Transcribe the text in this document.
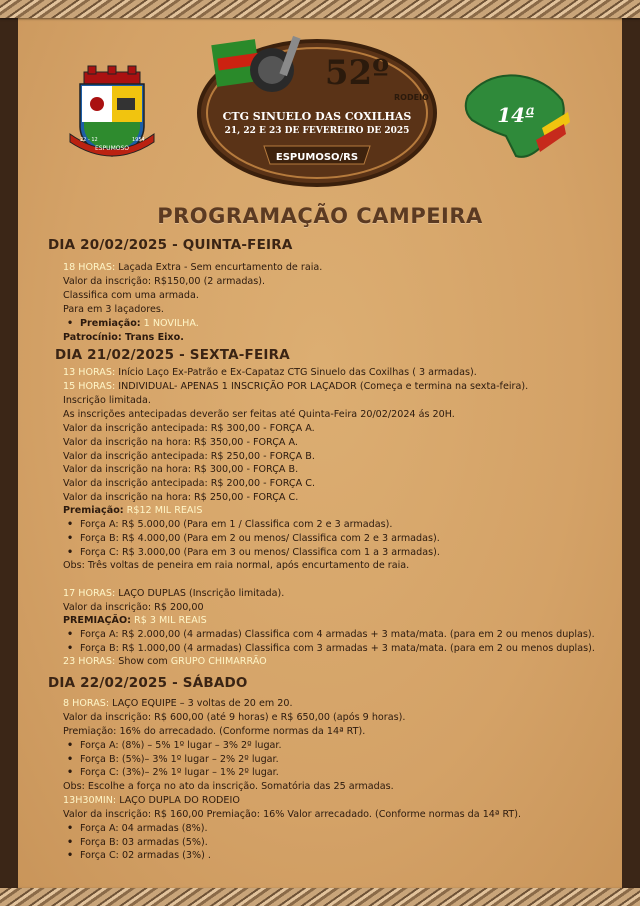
ESPUMOSO
22 - 12	1954
52º
RODEIO
CTG SINUELO DAS COXILHAS
21, 22 E 23 DE FEVEREIRO DE 2025
ESPUMOSO/RS
14ª
PROGRAMAÇÃO CAMPEIRA
DIA 20/02/2025 - QUINTA-FEIRA
18 HORAS: Laçada Extra - Sem encurtamento de raia.
Valor da inscrição: R$150,00 (2 armadas).
Classifica com uma armada.
Para em 3 laçadores.
• Premiação: 1 NOVILHA.
Patrocínio: Trans Eixo.
DIA 21/02/2025 - SEXTA-FEIRA
13 HORAS: Início Laço Ex-Patrão e Ex-Capataz CTG Sinuelo das Coxilhas ( 3 armadas).
15 HORAS: INDIVIDUAL- APENAS 1 INSCRIÇÃO POR LAÇADOR (Começa e termina na sexta-feira).
Inscrição limitada.
As inscrições antecipadas deverão ser feitas até Quinta-Feira 20/02/2024 ás 20H.
Valor da inscrição antecipada: R$ 300,00 - FORÇA A.
Valor da inscrição na hora: R$ 350,00 - FORÇA A.
Valor da inscrição antecipada: R$ 250,00 - FORÇA B.
Valor da inscrição na hora: R$ 300,00 - FORÇA B.
Valor da inscrição antecipada: R$ 200,00 - FORÇA C.
Valor da inscrição na hora: R$ 250,00 - FORÇA C.
Premiação: R$12 MIL REAIS
• Força A: R$ 5.000,00 (Para em 1 / Classifica com 2 e 3 armadas).
• Força B: R$ 4.000,00 (Para em 2 ou menos/ Classifica com 2 e 3 armadas).
• Força C: R$ 3.000,00 (Para em 3 ou menos/ Classifica com 1 a 3 armadas).
Obs: Três voltas de peneira em raia normal, após encurtamento de raia.
17 HORAS: LAÇO DUPLAS (Inscrição limitada).
Valor da inscrição: R$ 200,00
PREMIAÇÃO: R$ 3 MIL REAIS
• Força A: R$ 2.000,00 (4 armadas) Classifica com 4 armadas + 3 mata/mata. (para em 2 ou menos duplas).
• Força B: R$ 1.000,00 (4 armadas) Classifica com 3 armadas + 3 mata/mata. (para em 2 ou menos duplas).
23 HORAS: Show com GRUPO CHIMARRÃO
DIA 22/02/2025 - SÁBADO
8 HORAS: LAÇO EQUIPE – 3 voltas de 20 em 20.
Valor da inscrição: R$ 600,00 (até 9 horas) e R$ 650,00 (após 9 horas).
Premiação: 16% do arrecadado. (Conforme normas da 14ª RT).
• Força A: (8%) – 5% 1º lugar – 3% 2º lugar.
• Força B: (5%)– 3% 1º lugar – 2% 2º lugar.
• Força C: (3%)– 2% 1º lugar – 1% 2º lugar.
Obs: Escolhe a força no ato da inscrição. Somatória das 25 armadas.
13H30MIN: LAÇO DUPLA DO RODEIO
Valor da inscrição: R$ 160,00 Premiação: 16% Valor arrecadado. (Conforme normas da 14ª RT).
• Força A: 04 armadas (8%).
• Força B: 03 armadas (5%).
• Força C: 02 armadas (3%) .
